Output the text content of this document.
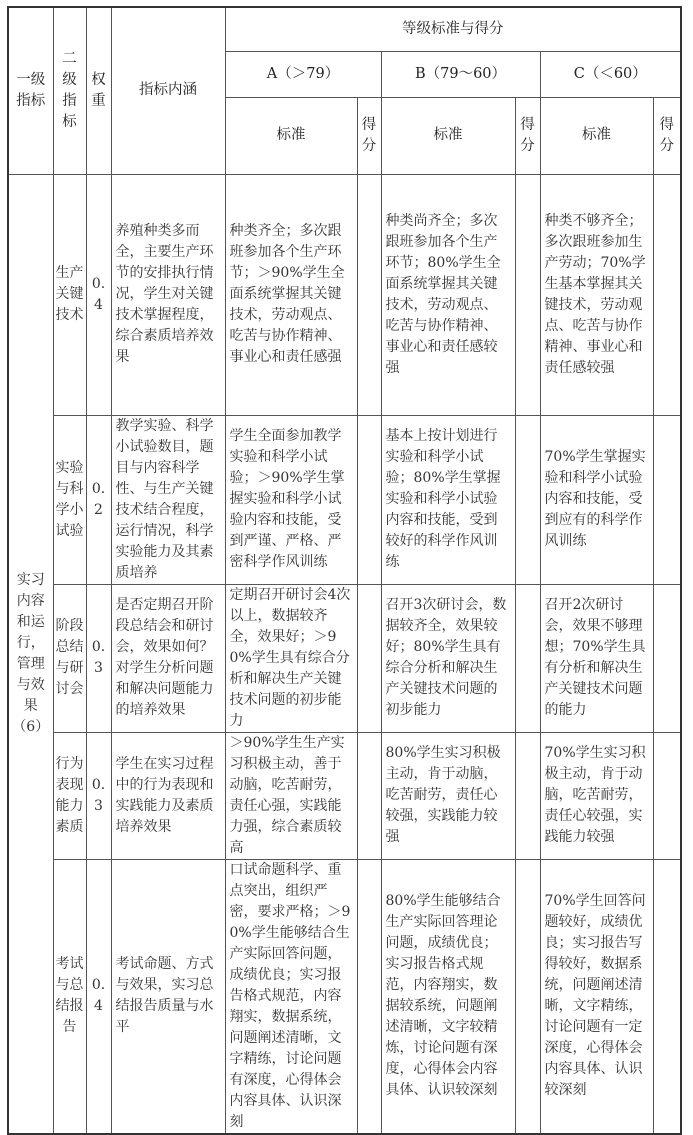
一级指标	二级指标	权重	指标内涵	等级标准与得分					
				A（＞79）		B（79～60）		C（＜60）	
				标准	得分	标准	得分	标准	得分
实习内容和运行，管理与效果（6）	生产关键技术	0.4	养殖种类多而全，主要生产环节的安排执行情况，学生对关键技术掌握程度，综合素质培养效果	种类齐全；多次跟班参加各个生产环节；＞90%学生全面系统掌握其关键技术，劳动观点、吃苦与协作精神、事业心和责任感强		种类尚齐全；多次跟班参加各个生产环节；80%学生全面系统掌握其关键技术，劳动观点、吃苦与协作精神、事业心和责任感较强		种类不够齐全；多次跟班参加生产劳动；70%学生基本掌握其关键技术，劳动观点、吃苦与协作精神、事业心和责任感较强	
	实验与科学小试验	0.2	教学实验、科学小试验数目，题目与内容科学性、与生产关键技术结合程度，运行情况，科学实验能力及其素质培养	学生全面参加教学实验和科学小试验；＞90%学生掌握实验和科学小试验内容和技能，受到严谨、严格、严密科学作风训练		基本上按计划进行实验和科学小试验；80%学生掌握实验和科学小试验内容和技能，受到较好的科学作风训练		70%学生掌握实验和科学小试验内容和技能，受到应有的科学作风训练	
	阶段总结与研讨会	0.3	是否定期召开阶段总结会和研讨会，效果如何？对学生分析问题和解决问题能力的培养效果	定期召开研讨会4次以上，数据较齐全，效果好；＞90%学生具有综合分析和解决生产关键技术问题的初步能力		召开3次研讨会，数据较齐全，效果较好；80%学生具有综合分析和解决生产关键技术问题的初步能力		召开2次研讨会，效果不够理想；70%学生具有分析和解决生产关键技术问题的能力	
	行为表现能力素质	0.3	学生在实习过程中的行为表现和实践能力及素质培养效果	＞90%学生生产实习积极主动，善于动脑，吃苦耐劳，责任心强，实践能力强，综合素质较高		80%学生实习积极主动，肯于动脑，吃苦耐劳，责任心较强，实践能力较强		70%学生实习积极主动，肯于动脑，吃苦耐劳，责任心较强，实践能力较强	
	考试与总结报告	0.4	考试命题、方式与效果，实习总结报告质量与水平	口试命题科学、重点突出，组织严密，要求严格；＞90%学生能够结合生产实际回答问题，成绩优良；实习报告格式规范，内容翔实，数据系统，问题阐述清晰，文字精练，讨论问题有深度，心得体会内容具体、认识深刻		80%学生能够结合生产实际回答理论问题，成绩优良；实习报告格式规范，内容翔实，数据较系统，问题阐述清晰，文字较精炼，讨论问题有深度，心得体会内容具体、认识较深刻		70%学生回答问题较好，成绩优良；实习报告写得较好，数据系统，问题阐述清晰，文字精练，讨论问题有一定深度，心得体会内容具体、认识较深刻	
